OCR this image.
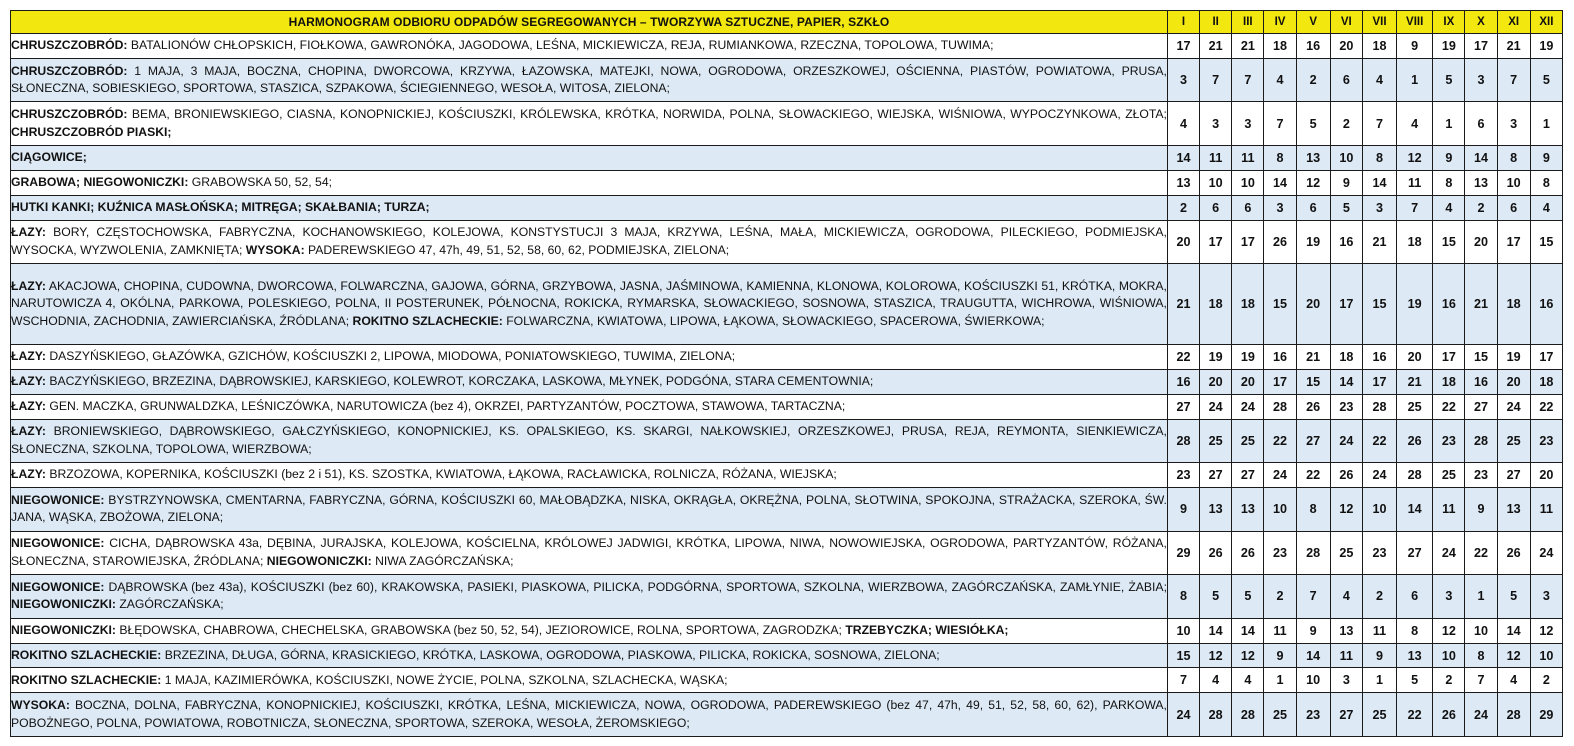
HARMONOGRAM ODBIORU ODPADÓW SEGREGOWANYCH – TWORZYWA SZTUCZNE, PAPIER, SZKŁO	I	II	III	IV	V	VI	VII	VIII	IX	X	XI	XII
CHRUSZCZOBRÓD: BATALIONÓW CHŁOPSKICH, FIOŁKOWA, GAWRONÓKA, JAGODOWA, LEŚNA, MICKIEWICZA, REJA, RUMIANKOWA, RZECZNA, TOPOLOWA, TUWIMA;	17	21	21	18	16	20	18	9	19	17	21	19
CHRUSZCZOBRÓD: 1 MAJA, 3 MAJA, BOCZNA, CHOPINA, DWORCOWA, KRZYWA, ŁAZOWSKA, MATEJKI, NOWA, OGRODOWA, ORZESZKOWEJ, OŚCIENNA, PIASTÓW, POWIATOWA, PRUSA, SŁONECZNA, SOBIESKIEGO, SPORTOWA, STASZICA, SZPAKOWA, ŚCIEGIENNEGO, WESOŁA, WITOSA, ZIELONA;	3	7	7	4	2	6	4	1	5	3	7	5
CHRUSZCZOBRÓD: BEMA, BRONIEWSKIEGO, CIASNA, KONOPNICKIEJ, KOŚCIUSZKI, KRÓLEWSKA, KRÓTKA, NORWIDA, POLNA, SŁOWACKIEGO, WIEJSKA, WIŚNIOWA, WYPOCZYNKOWA, ZŁOTA; CHRUSZCZOBRÓD PIASKI;	4	3	3	7	5	2	7	4	1	6	3	1
CIĄGOWICE;	14	11	11	8	13	10	8	12	9	14	8	9
GRABOWA; NIEGOWONICZKI: GRABOWSKA 50, 52, 54;	13	10	10	14	12	9	14	11	8	13	10	8
HUTKI KANKI; KUŹNICA MASŁOŃSKA; MITRĘGA; SKAŁBANIA; TURZA;	2	6	6	3	6	5	3	7	4	2	6	4
ŁAZY: BORY, CZĘSTOCHOWSKA, FABRYCZNA, KOCHANOWSKIEGO, KOLEJOWA, KONSTYSTUCJI 3 MAJA, KRZYWA, LEŚNA, MAŁA, MICKIEWICZA, OGRODOWA, PILECKIEGO, PODMIEJSKA, WYSOCKA, WYZWOLENIA, ZAMKNIĘTA; WYSOKA: PADEREWSKIEGO 47, 47h, 49, 51, 52, 58, 60, 62, PODMIEJSKA, ZIELONA;	20	17	17	26	19	16	21	18	15	20	17	15
ŁAZY: AKACJOWA, CHOPINA, CUDOWNA, DWORCOWA, FOLWARCZNA, GAJOWA, GÓRNA, GRZYBOWA, JASNA, JAŚMINOWA, KAMIENNA, KLONOWA, KOLOROWA, KOŚCIUSZKI 51, KRÓTKA, MOKRA, NARUTOWICZA 4, OKÓLNA, PARKOWA, POLESKIEGO, POLNA, II POSTERUNEK, PÓŁNOCNA, ROKICKA, RYMARSKA, SŁOWACKIEGO, SOSNOWA, STASZICA, TRAUGUTTA, WICHROWA, WIŚNIOWA, WSCHODNIA, ZACHODNIA, ZAWIERCIAŃSKA, ŹRÓDLANA; ROKITNO SZLACHECKIE: FOLWARCZNA, KWIATOWA, LIPOWA, ŁĄKOWA, SŁOWACKIEGO, SPACEROWA, ŚWIERKOWA;	21	18	18	15	20	17	15	19	16	21	18	16
ŁAZY: DASZYŃSKIEGO, GŁAZÓWKA, GZICHÓW, KOŚCIUSZKI 2, LIPOWA, MIODOWA, PONIATOWSKIEGO, TUWIMA, ZIELONA;	22	19	19	16	21	18	16	20	17	15	19	17
ŁAZY: BACZYŃSKIEGO, BRZEZINA, DĄBROWSKIEJ, KARSKIEGO, KOLEWROT, KORCZAKA, LASKOWA, MŁYNEK, PODGÓNA, STARA CEMENTOWNIA;	16	20	20	17	15	14	17	21	18	16	20	18
ŁAZY: GEN. MACZKA, GRUNWALDZKA, LEŚNICZÓWKA, NARUTOWICZA (bez 4), OKRZEI, PARTYZANTÓW, POCZTOWA, STAWOWA, TARTACZNA;	27	24	24	28	26	23	28	25	22	27	24	22
ŁAZY: BRONIEWSKIEGO, DĄBROWSKIEGO, GAŁCZYŃSKIEGO, KONOPNICKIEJ, KS. OPALSKIEGO, KS. SKARGI, NAŁKOWSKIEJ, ORZESZKOWEJ, PRUSA, REJA, REYMONTA, SIENKIEWICZA, SŁONECZNA, SZKOLNA, TOPOLOWA, WIERZBOWA;	28	25	25	22	27	24	22	26	23	28	25	23
ŁAZY: BRZOZOWA, KOPERNIKA, KOŚCIUSZKI (bez 2 i 51), KS. SZOSTKA, KWIATOWA, ŁĄKOWA, RACŁAWICKA, ROLNICZA, RÓŻANA, WIEJSKA;	23	27	27	24	22	26	24	28	25	23	27	20
NIEGOWONICE: BYSTRZYNOWSKA, CMENTARNA, FABRYCZNA, GÓRNA, KOŚCIUSZKI 60, MAŁOBĄDZKA, NISKA, OKRĄGŁA, OKRĘŻNA, POLNA, SŁOTWINA, SPOKOJNA, STRAŻACKA, SZEROKA, ŚW. JANA, WĄSKA, ZBOŻOWA, ZIELONA;	9	13	13	10	8	12	10	14	11	9	13	11
NIEGOWONICE: CICHA, DĄBROWSKA 43a, DĘBINA, JURAJSKA, KOLEJOWA, KOŚCIELNA, KRÓLOWEJ JADWIGI, KRÓTKA, LIPOWA, NIWA, NOWOWIEJSKA, OGRODOWA, PARTYZANTÓW, RÓŻANA, SŁONECZNA, STAROWIEJSKA, ŹRÓDLANA; NIEGOWONICZKI: NIWA ZAGÓRCZAŃSKA;	29	26	26	23	28	25	23	27	24	22	26	24
NIEGOWONICE: DĄBROWSKA (bez 43a), KOŚCIUSZKI (bez 60), KRAKOWSKA, PASIEKI, PIASKOWA, PILICKA, PODGÓRNA, SPORTOWA, SZKOLNA, WIERZBOWA, ZAGÓRCZAŃSKA, ZAMŁYNIE, ŻABIA; NIEGOWONICZKI: ZAGÓRCZAŃSKA;	8	5	5	2	7	4	2	6	3	1	5	3
NIEGOWONICZKI: BŁĘDOWSKA, CHABROWA, CHECHELSKA, GRABOWSKA (bez 50, 52, 54), JEZIOROWICE, ROLNA, SPORTOWA, ZAGRODZKA; TRZEBYCZKA; WIESIÓŁKA;	10	14	14	11	9	13	11	8	12	10	14	12
ROKITNO SZLACHECKIE: BRZEZINA, DŁUGA, GÓRNA, KRASICKIEGO, KRÓTKA, LASKOWA, OGRODOWA, PIASKOWA, PILICKA, ROKICKA, SOSNOWA, ZIELONA;	15	12	12	9	14	11	9	13	10	8	12	10
ROKITNO SZLACHECKIE: 1 MAJA, KAZIMIERÓWKA, KOŚCIUSZKI, NOWE ŻYCIE, POLNA, SZKOLNA, SZLACHECKA, WĄSKA;	7	4	4	1	10	3	1	5	2	7	4	2
WYSOKA: BOCZNA, DOLNA, FABRYCZNA, KONOPNICKIEJ, KOŚCIUSZKI, KRÓTKA, LEŚNA, MICKIEWICZA, NOWA, OGRODOWA, PADEREWSKIEGO (bez 47, 47h, 49, 51, 52, 58, 60, 62), PARKOWA, POBOŻNEGO, POLNA, POWIATOWA, ROBOTNICZA, SŁONECZNA, SPORTOWA, SZEROKA, WESOŁA, ŻEROMSKIEGO;	24	28	28	25	23	27	25	22	26	24	28	29
